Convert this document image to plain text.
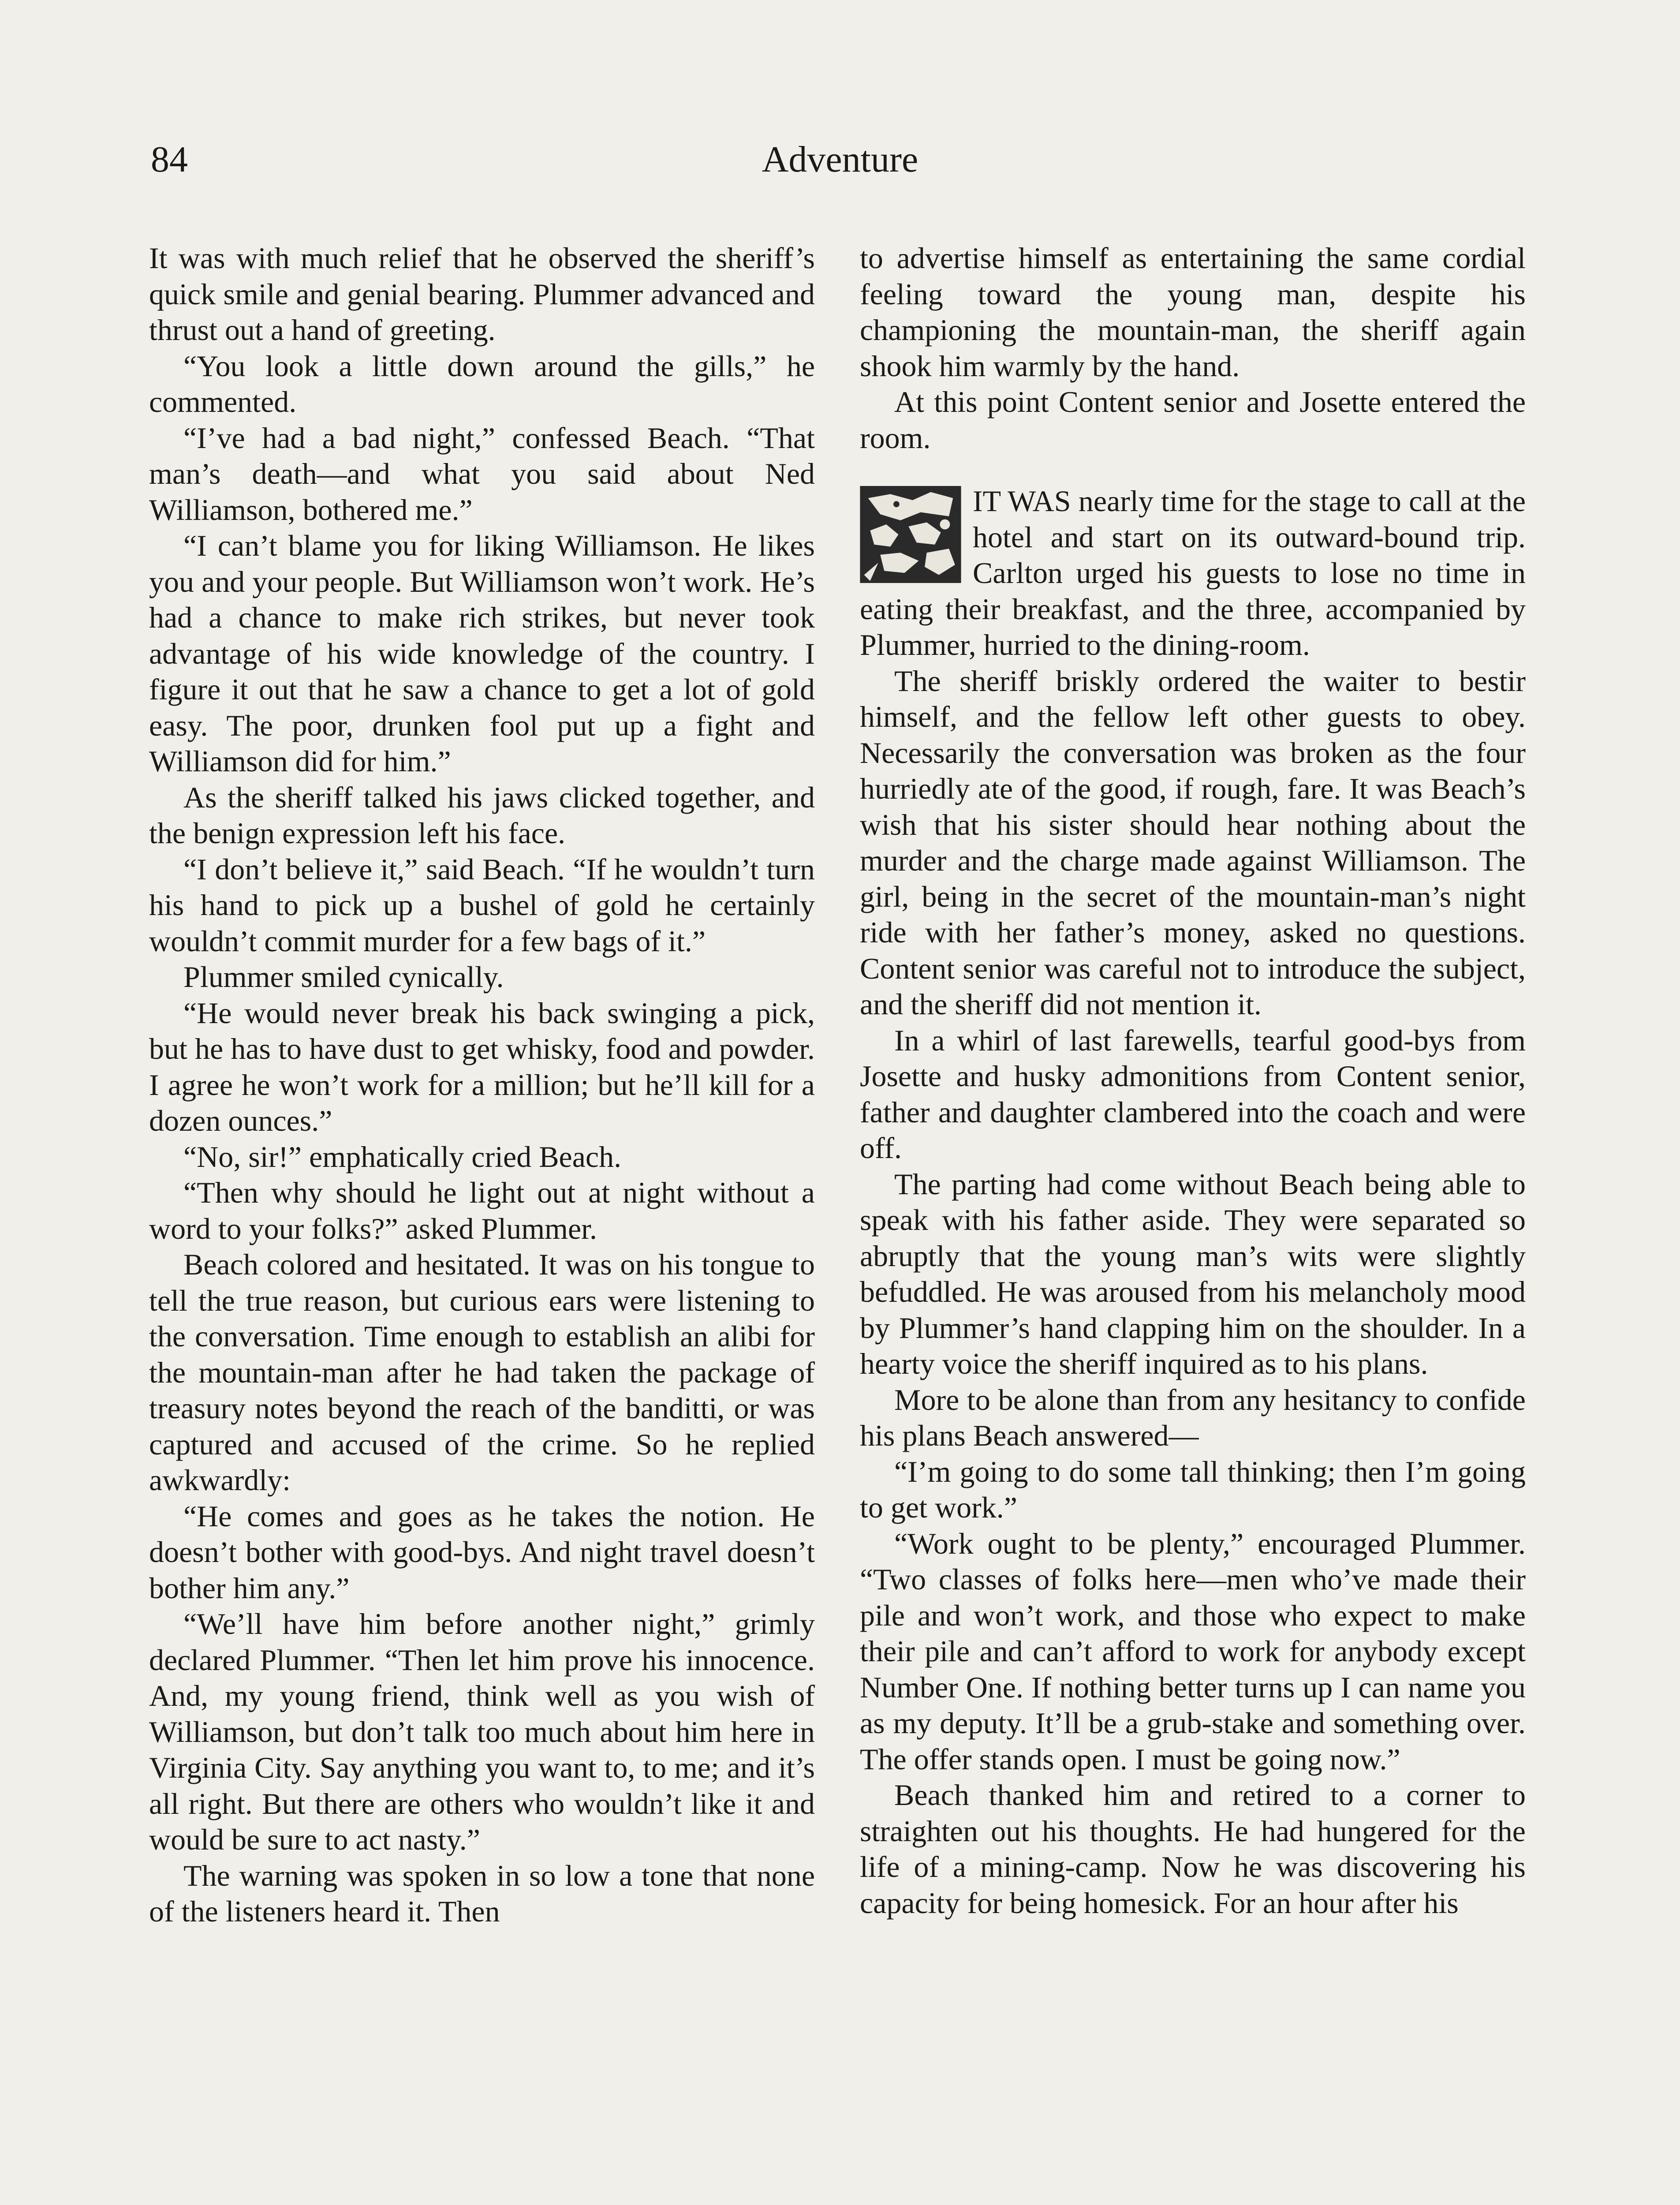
84	Adventure

It was with much relief that he observed the sheriff’s quick smile and genial bearing. Plummer advanced and thrust out a hand of greeting.

“You look a little down around the gills,” he commented.

“I’ve had a bad night,” confessed Beach. “That man’s death—and what you said about Ned Williamson, bothered me.”

“I can’t blame you for liking Williamson. He likes you and your people. But Williamson won’t work. He’s had a chance to make rich strikes, but never took advantage of his wide knowledge of the country. I figure it out that he saw a chance to get a lot of gold easy. The poor, drunken fool put up a fight and Williamson did for him.”

As the sheriff talked his jaws clicked together, and the benign expression left his face.

“I don’t believe it,” said Beach. “If he wouldn’t turn his hand to pick up a bushel of gold he certainly wouldn’t commit murder for a few bags of it.”

Plummer smiled cynically.

“He would never break his back swinging a pick, but he has to have dust to get whisky, food and powder. I agree he won’t work for a million; but he’ll kill for a dozen ounces.”

“No, sir!” emphatically cried Beach.

“Then why should he light out at night without a word to your folks?” asked Plummer.

Beach colored and hesitated. It was on his tongue to tell the true reason, but curious ears were listening to the conversation. Time enough to establish an alibi for the mountain-man after he had taken the package of treasury notes beyond the reach of the banditti, or was captured and accused of the crime. So he replied awkwardly:

“He comes and goes as he takes the notion. He doesn’t bother with good-bys. And night travel doesn’t bother him any.”

“We’ll have him before another night,” grimly declared Plummer. “Then let him prove his innocence. And, my young friend, think well as you wish of Williamson, but don’t talk too much about him here in Virginia City. Say anything you want to, to me; and it’s all right. But there are others who wouldn’t like it and would be sure to act nasty.”

The warning was spoken in so low a tone that none of the listeners heard it. Then

to advertise himself as entertaining the same cordial feeling toward the young man, despite his championing the mountain-man, the sheriff again shook him warmly by the hand.

At this point Content senior and Josette entered the room.

IT WAS nearly time for the stage to call at the hotel and start on its outward-bound trip. Carlton urged his guests to lose no time in eating their breakfast, and the three, accompanied by Plummer, hurried to the dining-room.

The sheriff briskly ordered the waiter to bestir himself, and the fellow left other guests to obey. Necessarily the conversation was broken as the four hurriedly ate of the good, if rough, fare. It was Beach’s wish that his sister should hear nothing about the murder and the charge made against Williamson. The girl, being in the secret of the mountain-man’s night ride with her father’s money, asked no questions. Content senior was careful not to introduce the subject, and the sheriff did not mention it.

In a whirl of last farewells, tearful good-bys from Josette and husky admonitions from Content senior, father and daughter clambered into the coach and were off.

The parting had come without Beach being able to speak with his father aside. They were separated so abruptly that the young man’s wits were slightly befuddled. He was aroused from his melancholy mood by Plummer’s hand clapping him on the shoulder. In a hearty voice the sheriff inquired as to his plans.

More to be alone than from any hesitancy to confide his plans Beach answered—

“I’m going to do some tall thinking; then I’m going to get work.”

“Work ought to be plenty,” encouraged Plummer. “Two classes of folks here—men who’ve made their pile and won’t work, and those who expect to make their pile and can’t afford to work for anybody except Number One. If nothing better turns up I can name you as my deputy. It’ll be a grub-stake and something over. The offer stands open. I must be going now.”

Beach thanked him and retired to a corner to straighten out his thoughts. He had hungered for the life of a mining-camp. Now he was discovering his capacity for being homesick. For an hour after his
